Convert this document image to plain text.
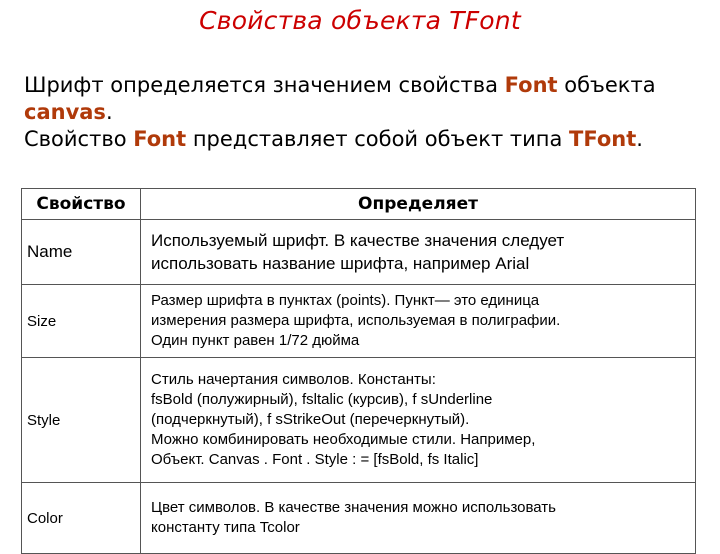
Свойства объекта TFont
Шрифт определяется значением свойства Font объекта
canvas.
Свойство Font представляет собой объект типа TFont.
Свойство	Определяет
Name	Используемый шрифт. В качестве значения следует
использовать название шрифта, например Arial

Size	Размер шрифта в пунктах (points). Пункт— это единица
измерения размера шрифта, используемая в полиграфии.
Один пункт равен 1/72 дюйма

Style	Стиль начертания символов. Константы:
fsBold (полужирный), fsltalic (курсив), f sUnderline
(подчеркнутый), f sStrikeOut (перечеркнутый).
Можно комбинировать необходимые стили. Например,
Объект. Canvas . Font . Style : = [fsBold, fs Italic]

Color	Цвет символов. В качестве значения можно использовать
константу типа Tcolor
